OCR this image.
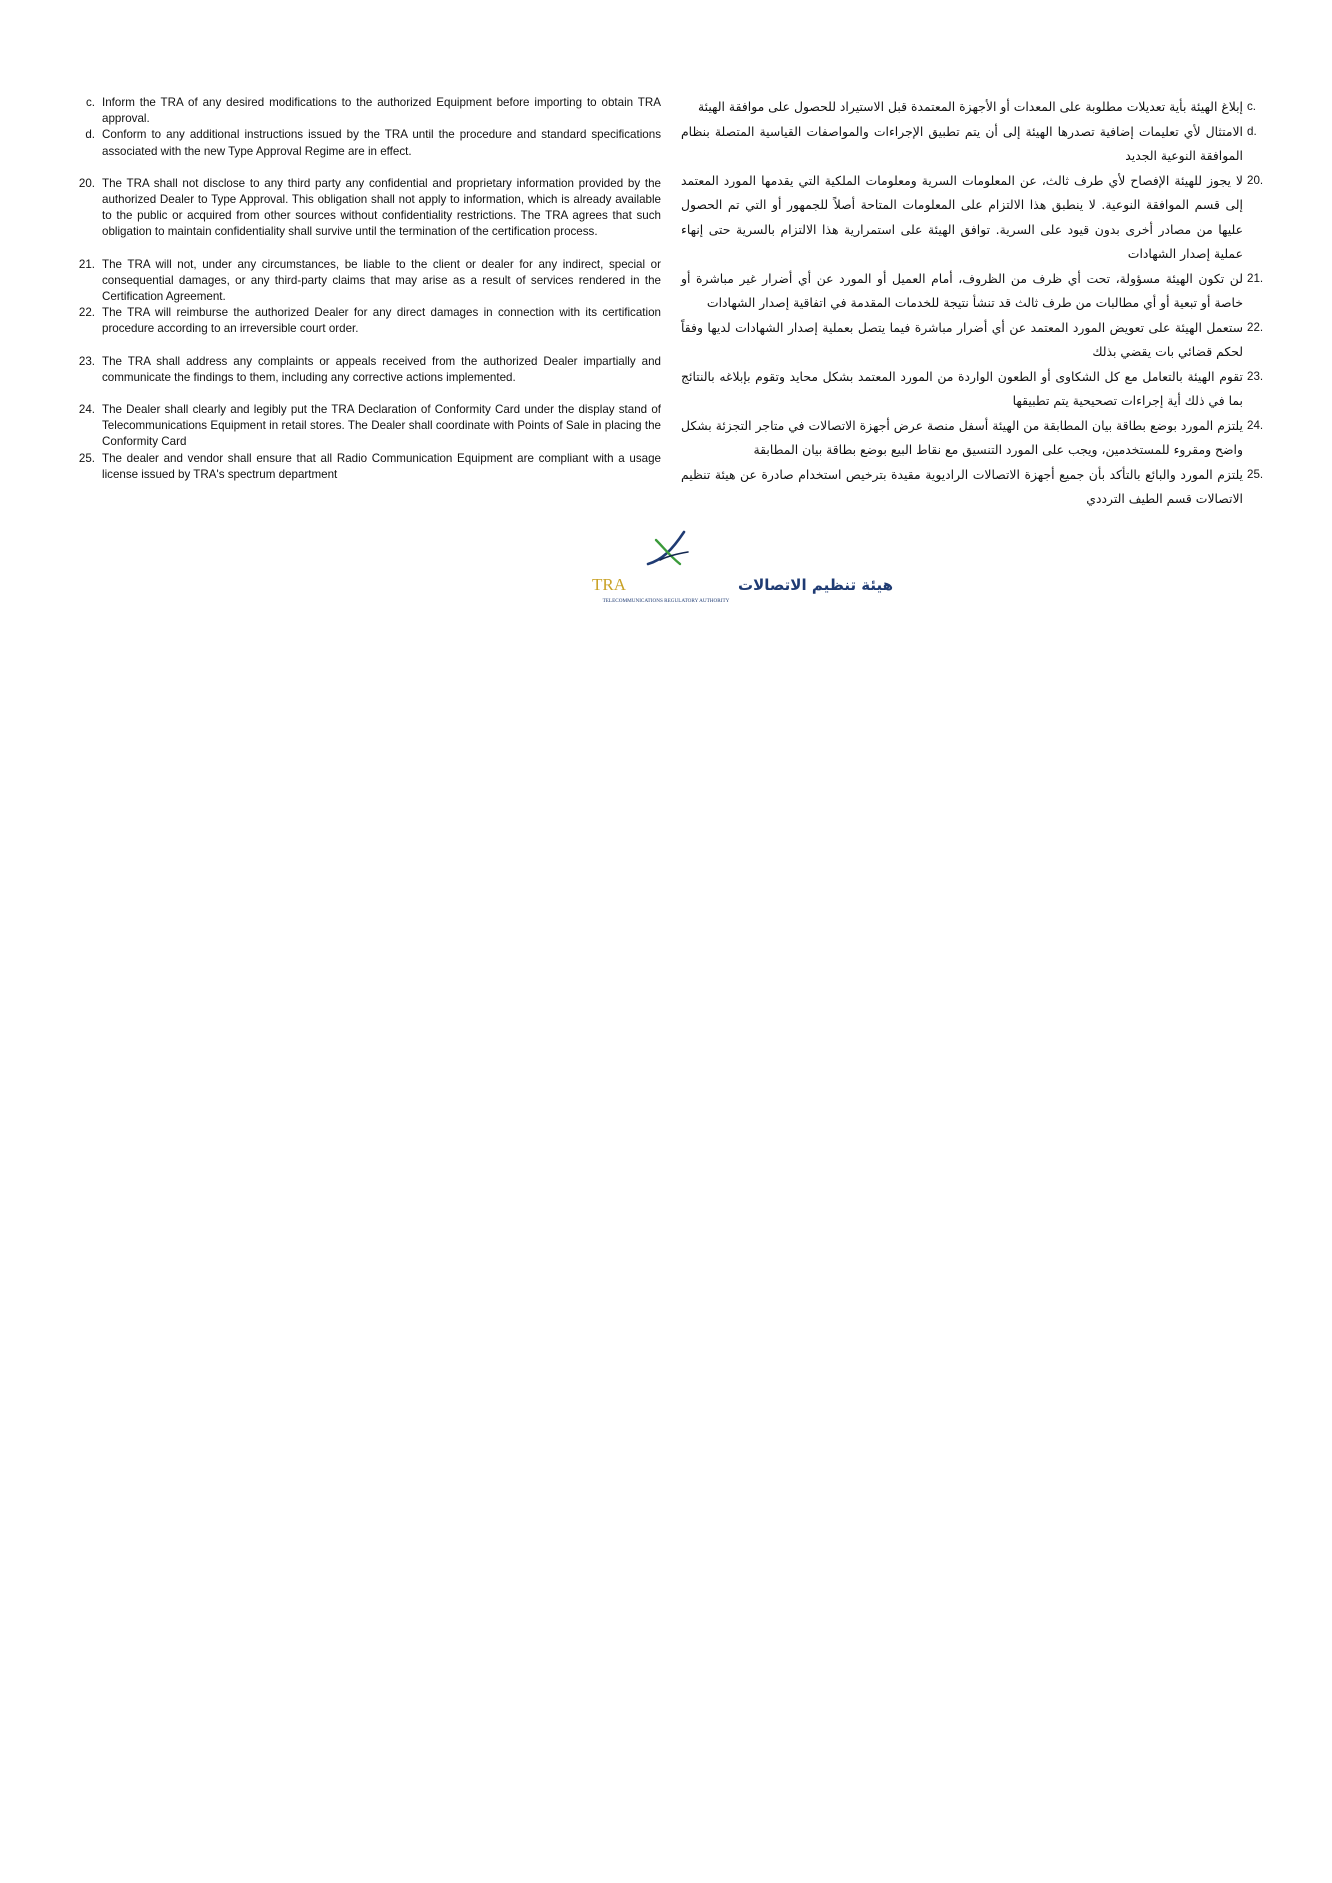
c. Inform the TRA of any desired modifications to the authorized Equipment before importing to obtain TRA approval.
d. Conform to any additional instructions issued by the TRA until the procedure and standard specifications associated with the new Type Approval Regime are in effect.
20. The TRA shall not disclose to any third party any confidential and proprietary information provided by the authorized Dealer to Type Approval. This obligation shall not apply to information, which is already available to the public or acquired from other sources without confidentiality restrictions. The TRA agrees that such obligation to maintain confidentiality shall survive until the termination of the certification process.
21. The TRA will not, under any circumstances, be liable to the client or dealer for any indirect, special or consequential damages, or any third-party claims that may arise as a result of services rendered in the Certification Agreement.
22. The TRA will reimburse the authorized Dealer for any direct damages in connection with its certification procedure according to an irreversible court order.
23. The TRA shall address any complaints or appeals received from the authorized Dealer impartially and communicate the findings to them, including any corrective actions implemented.
24. The Dealer shall clearly and legibly put the TRA Declaration of Conformity Card under the display stand of Telecommunications Equipment in retail stores. The Dealer shall coordinate with Points of Sale in placing the Conformity Card
25. The dealer and vendor shall ensure that all Radio Communication Equipment are compliant with a usage license issued by TRA's spectrum department
إبلاغ الهيئة بأية تعديلات مطلوبة على المعدات أو الأجهزة المعتمدة قبل الاستيراد للحصول على موافقة الهيئة c.
الامتثال لأي تعليمات إضافية تصدرها الهيئة إلى أن يتم تطبيق الإجراءات والمواصفات القياسية المتصلة بنظام الموافقة النوعية الجديد
d.
لا يجوز للهيئة الإفصاح لأي طرف ثالث، عن المعلومات السرية ومعلومات الملكية التي يقدمها المورد المعتمد إلى قسم الموافقة النوعية. لا ينطبق هذا الالتزام على المعلومات المتاحة أصلاً للجمهور أو التي تم الحصول عليها من مصادر أخرى بدون قيود على السرية. توافق الهيئة على استمرارية هذا الالتزام بالسرية حتى إنهاء عملية إصدار الشهادات
20.
لن تكون الهيئة مسؤولة، تحت أي ظرف من الظروف، أمام العميل أو المورد عن أي أضرار غير مباشرة أو خاصة أو تبعية أو أي مطالبات من طرف ثالث قد تنشأ نتيجة للخدمات المقدمة في اتفاقية إصدار الشهادات
21.
ستعمل الهيئة على تعويض المورد المعتمد عن أي أضرار مباشرة فيما يتصل بعملية إصدار الشهادات لديها وفقاً لحكم قضائي بات يقضي بذلك
22.
تقوم الهيئة بالتعامل مع كل الشكاوى أو الطعون الواردة من المورد المعتمد بشكل محايد وتقوم بإبلاغه بالنتائج بما في ذلك أية إجراءات تصحيحية يتم تطبيقها
23.
يلتزم المورد بوضع بطاقة بيان المطابقة من الهيئة أسفل منصة عرض أجهزة الاتصالات في متاجر التجزئة بشكل واضح ومقروء للمستخدمين، ويجب على المورد التنسيق مع نقاط البيع بوضع بطاقة بيان المطابقة
24.
يلتزم المورد والبائع بالتأكد بأن جميع أجهزة الاتصالات الراديوية مقيدة بترخيص استخدام صادرة عن هيئة تنظيم الاتصالات قسم الطيف الترددي
25.
TRA	هيئة تنظيم الاتصالات
TELECOMMUNICATIONS REGULATORY AUTHORITY
